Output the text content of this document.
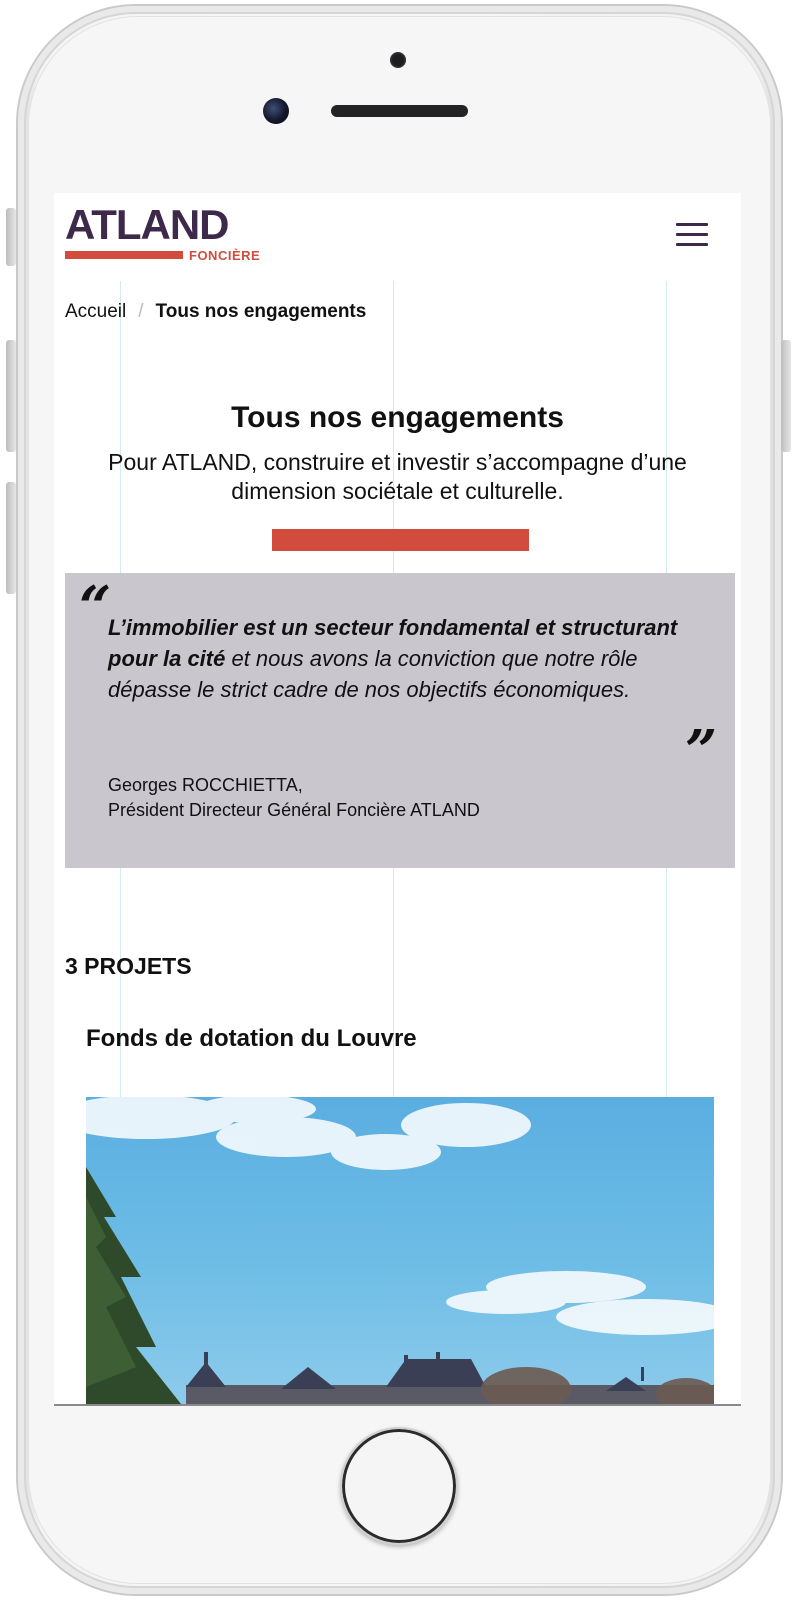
ATLAND
FONCIÈRE
Accueil / Tous nos engagements
Tous nos engagements
Pour ATLAND, construire et investir s’accompagne d’une dimension sociétale et culturelle.
“
L’immobilier est un secteur fondamental et structurant pour la cité et nous avons la conviction que notre rôle dépasse le strict cadre de nos objectifs économiques.
”
Georges ROCCHIETTA,
Président Directeur Général Foncière ATLAND
3 PROJETS
Fonds de dotation du Louvre
